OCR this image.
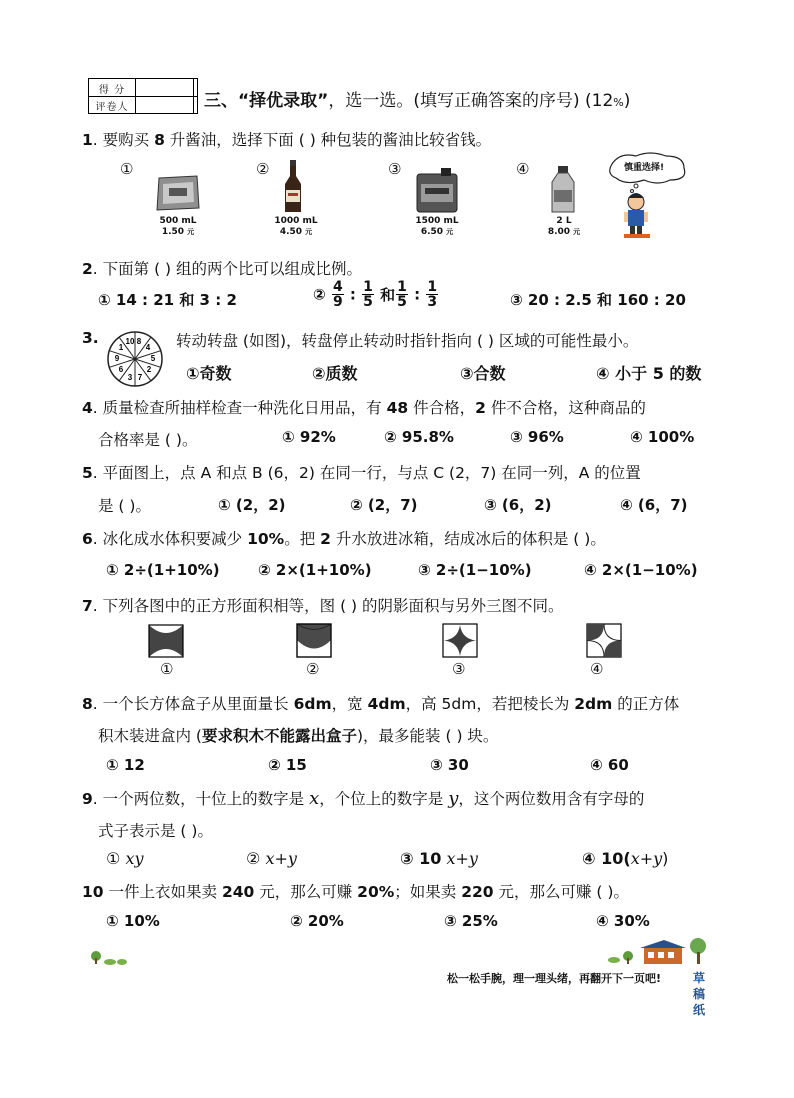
得 分
评卷人	三、“择优录取”，选一选。(填写正确答案的序号) (12%)
1. 要购买 8 升酱油，选择下面 ( ) 种包装的酱油比较省钱。
①	②	③	④	慎重选择!
500 mL
1.50 元
1000 mL
4.50 元
1500 mL
6.50 元
2 L
8.00 元
2. 下面第 ( ) 组的两个比可以组成比例。
① 14 : 21 和 3 : 2	② $\frac{4}{9}$ : $\frac{1}{5}$ 和 $\frac{1}{5}$ : $\frac{1}{3}$	③ 20 : 2.5 和 160 : 20
3.	8
4
5
2
7
3
6
9
1
10	转动转盘 (如图)，转盘停止转动时指针指向 ( ) 区域的可能性最小。
①奇数	②质数	③合数	④ 小于 5 的数
4. 质量检查所抽样检查一种洗化日用品，有 48 件合格，2 件不合格，这种商品的
合格率是 ( )。	① 92%	② 95.8%	③ 96%	④ 100%
5. 平面图上，点 A 和点 B (6，2) 在同一行，与点 C (2，7) 在同一列，A 的位置
是 ( )。	① (2，2)	② (2，7)	③ (6，2)	④ (6，7)
6. 冰化成水体积要减少 10%。把 2 升水放进冰箱，结成冰后的体积是 ( )。
① 2÷(1+10%)	② 2×(1+10%)	③ 2÷(1−10%)	④ 2×(1−10%)
7. 下列各图中的正方形面积相等，图 ( ) 的阴影面积与另外三图不同。
①	②	③	④
8. 一个长方体盒子从里面量长 6dm，宽 4dm，高 5dm，若把棱长为 2dm 的正方体
积木装进盒内 (要求积木不能露出盒子)，最多能装 ( ) 块。
① 12	② 15	③ 30	④ 60
9. 一个两位数，十位上的数字是 x，个位上的数字是 y，这个两位数用含有字母的
式子表示是 ( )。
① xy	② x+y	③ 10 x+y	④ 10(x+y)
10 一件上衣如果卖 240 元，那么可赚 20%；如果卖 220 元，那么可赚 ( )。
① 10%	② 20%	③ 25%	④ 30%
松一松手腕，理一理头绪，再翻开下一页吧!	草
稿
纸
